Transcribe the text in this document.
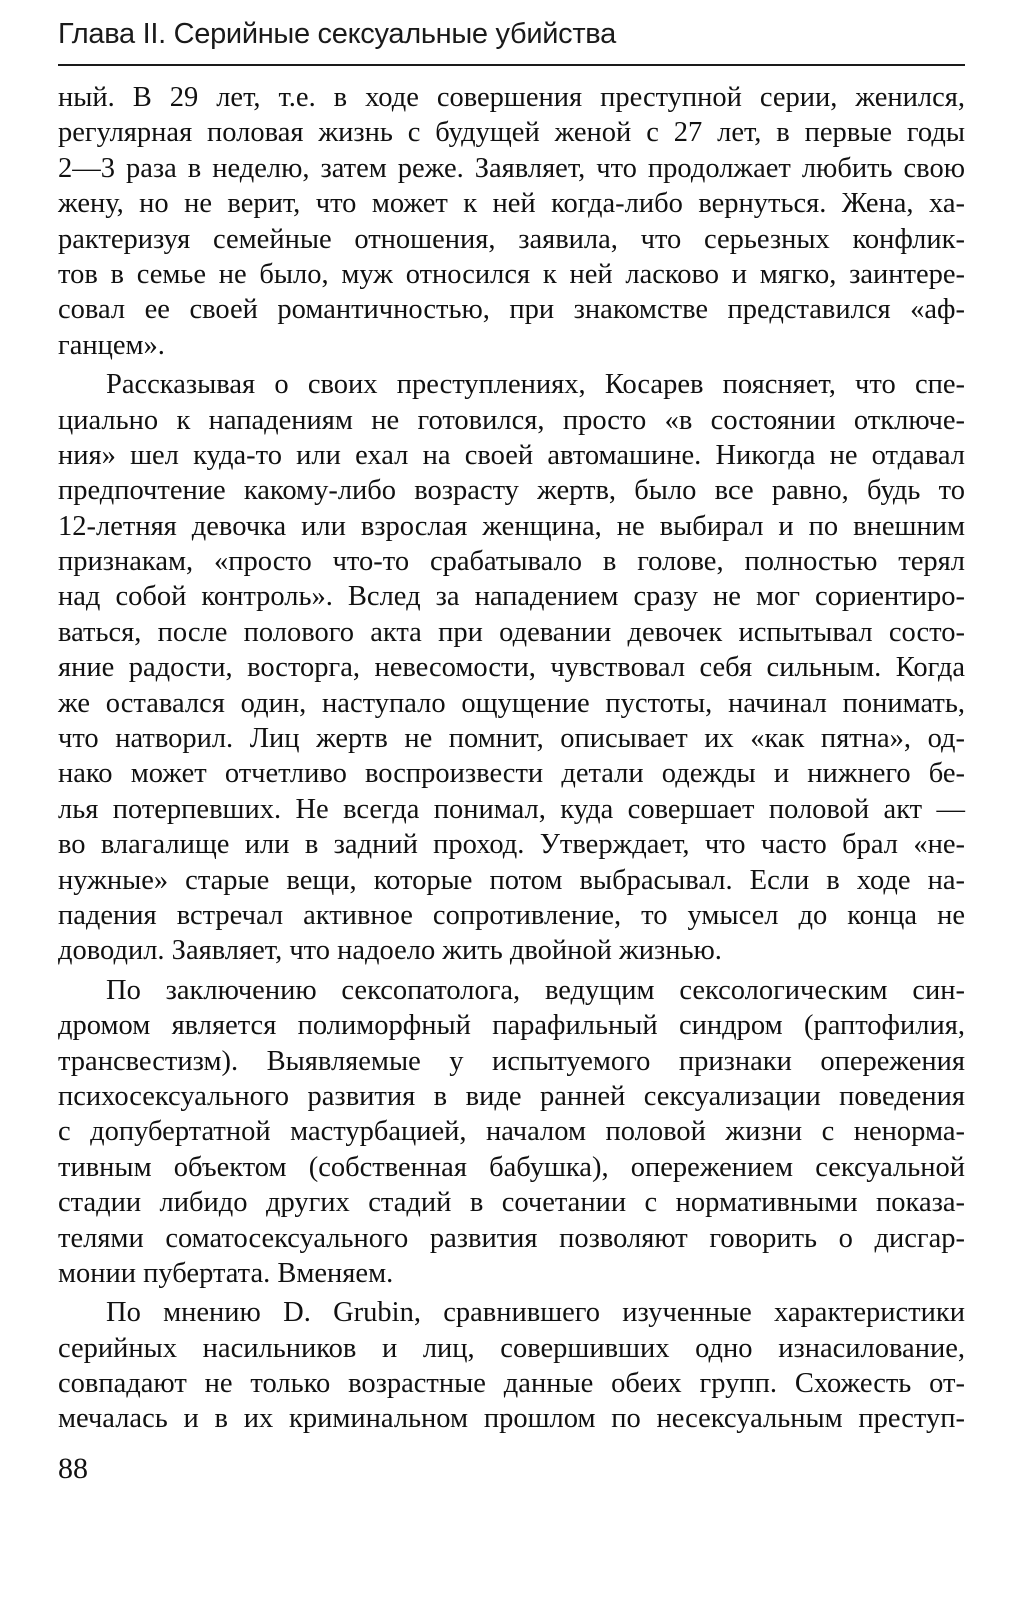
Глава II. Серийные сексуальные убийства
ный. В 29 лет, т.е. в ходе совершения преступной серии, женился,
регулярная половая жизнь с будущей женой с 27 лет, в первые годы
2—3 раза в неделю, затем реже. Заявляет, что продолжает любить свою
жену, но не верит, что может к ней когда-либо вернуться. Жена, ха-
рактеризуя семейные отношения, заявила, что серьезных конфлик-
тов в семье не было, муж относился к ней ласково и мягко, заинтере-
совал ее своей романтичностью, при знакомстве представился «аф-
ганцем».
Рассказывая о своих преступлениях, Косарев поясняет, что спе-
циально к нападениям не готовился, просто «в состоянии отключе-
ния» шел куда-то или ехал на своей автомашине. Никогда не отдавал
предпочтение какому-либо возрасту жертв, было все равно, будь то
12-летняя девочка или взрослая женщина, не выбирал и по внешним
признакам, «просто что-то срабатывало в голове, полностью терял
над собой контроль». Вслед за нападением сразу не мог сориентиро-
ваться, после полового акта при одевании девочек испытывал состо-
яние радости, восторга, невесомости, чувствовал себя сильным. Когда
же оставался один, наступало ощущение пустоты, начинал понимать,
что натворил. Лиц жертв не помнит, описывает их «как пятна», од-
нако может отчетливо воспроизвести детали одежды и нижнего бе-
лья потерпевших. Не всегда понимал, куда совершает половой акт —
во влагалище или в задний проход. Утверждает, что часто брал «не-
нужные» старые вещи, которые потом выбрасывал. Если в ходе на-
падения встречал активное сопротивление, то умысел до конца не
доводил. Заявляет, что надоело жить двойной жизнью.
По заключению сексопатолога, ведущим сексологическим син-
дромом является полиморфный парафильный синдром (раптофилия,
трансвестизм). Выявляемые у испытуемого признаки опережения
психосексуального развития в виде ранней сексуализации поведения
с допубертатной мастурбацией, началом половой жизни с ненорма-
тивным объектом (собственная бабушка), опережением сексуальной
стадии либидо других стадий в сочетании с нормативными показа-
телями соматосексуального развития позволяют говорить о дисгар-
монии пубертата. Вменяем.
По мнению D. Grubin, сравнившего изученные характеристики
серийных насильников и лиц, совершивших одно изнасилование,
совпадают не только возрастные данные обеих групп. Схожесть от-
мечалась и в их криминальном прошлом по несексуальным преступ-
88
